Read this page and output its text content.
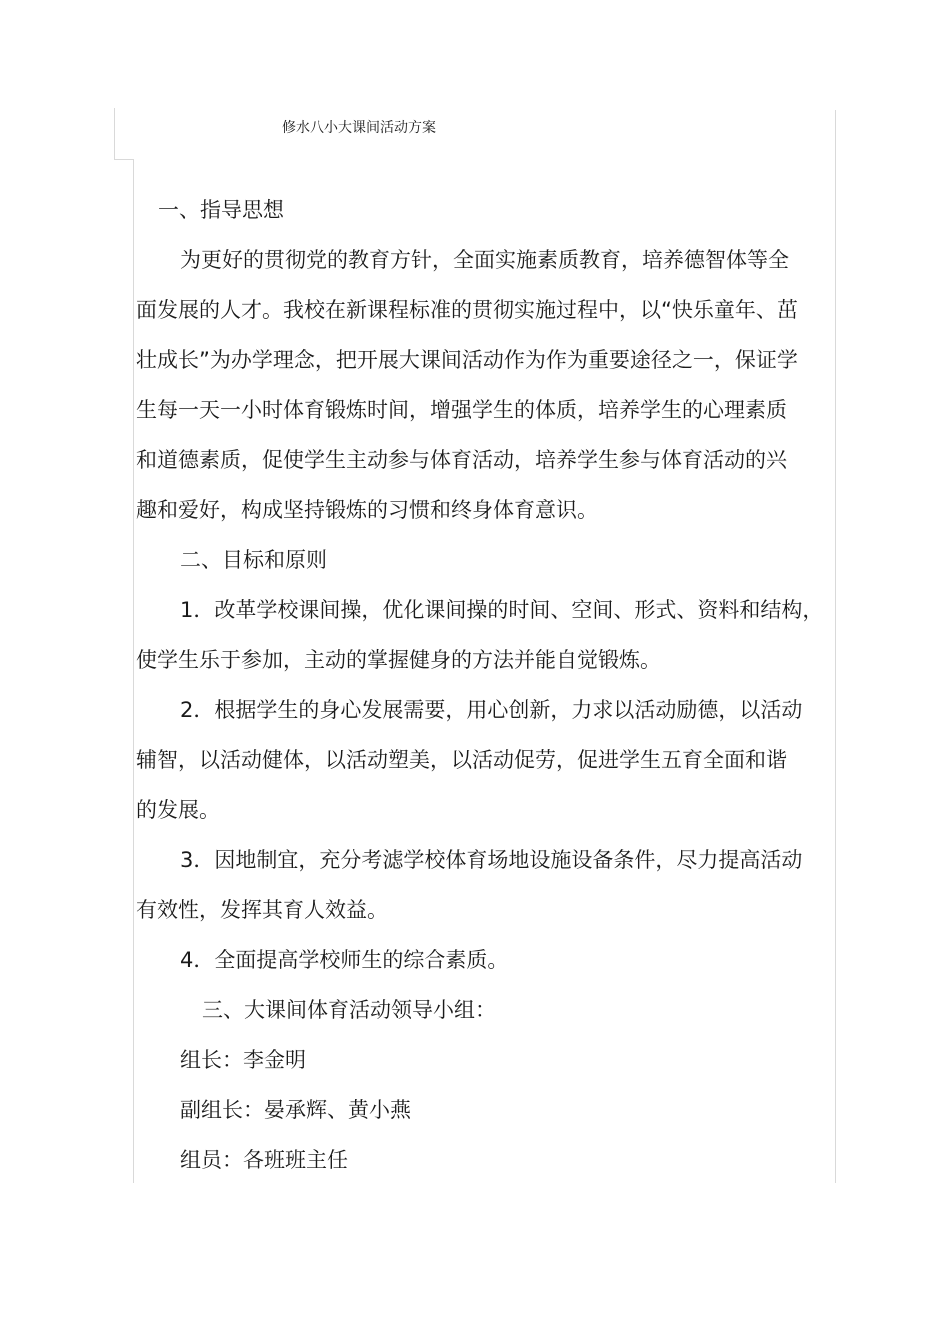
修水八小大课间活动方案
一、指导思想
为更好的贯彻党的教育方针，全面实施素质教育，培养德智体等全
面发展的人才。我校在新课程标准的贯彻实施过程中，以“快乐童年、茁
壮成长”为办学理念，把开展大课间活动作为作为重要途径之一，保证学
生每一天一小时体育锻炼时间，增强学生的体质，培养学生的心理素质
和道德素质，促使学生主动参与体育活动，培养学生参与体育活动的兴
趣和爱好，构成坚持锻炼的习惯和终身体育意识。
二、目标和原则
1．改革学校课间操，优化课间操的时间、空间、形式、资料和结构，
使学生乐于参加，主动的掌握健身的方法并能自觉锻炼。
2．根据学生的身心发展需要，用心创新，力求以活动励德，以活动
辅智，以活动健体，以活动塑美，以活动促劳，促进学生五育全面和谐
的发展。
3．因地制宜，充分考滤学校体育场地设施设备条件，尽力提高活动
有效性，发挥其育人效益。
4．全面提高学校师生的综合素质。
三、大课间体育活动领导小组：
组长：李金明
副组长：晏承辉、黄小燕
组员：各班班主任
